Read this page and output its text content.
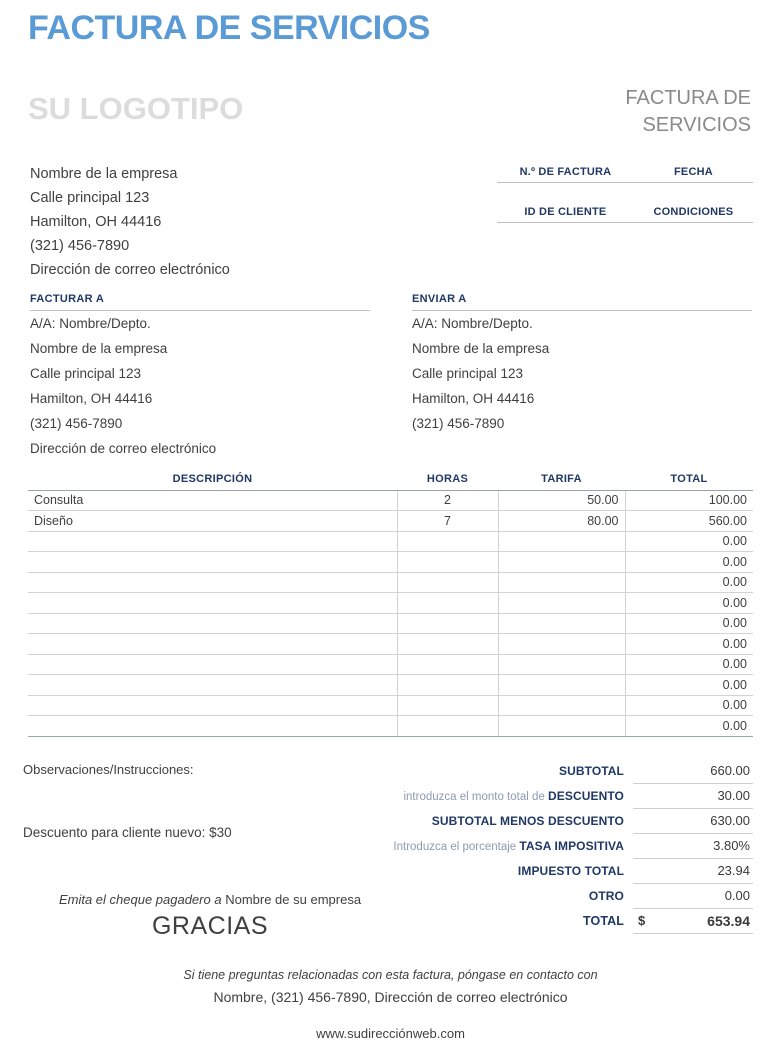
FACTURA DE SERVICIOS
SU LOGOTIPO	FACTURA DE
SERVICIOS
Nombre de la empresa
Calle principal 123
Hamilton, OH 44416
(321) 456-7890
Dirección de correo electrónico
N.º DE FACTURA	FECHA

ID DE CLIENTE	CONDICIONES
FACTURAR A
A/A: Nombre/Depto.
Nombre de la empresa
Calle principal 123
Hamilton, OH 44416
(321) 456-7890
Dirección de correo electrónico
ENVIAR A
A/A: Nombre/Depto.
Nombre de la empresa
Calle principal 123
Hamilton, OH 44416
(321) 456-7890
DESCRIPCIÓN	HORAS	TARIFA	TOTAL
Consulta	2	50.00	100.00
Diseño	7	80.00	560.00
			0.00
			0.00
			0.00
			0.00
			0.00
			0.00
			0.00
			0.00
			0.00
			0.00
Observaciones/Instrucciones:
Descuento para cliente nuevo: $30
SUBTOTAL		660.00
introduzca el monto total de DESCUENTO		30.00
SUBTOTAL MENOS DESCUENTO		630.00
Introduzca el porcentaje TASA IMPOSITIVA		3.80%
IMPUESTO TOTAL		23.94
OTRO		0.00
TOTAL	$	653.94
Emita el cheque pagadero a Nombre de su empresa
GRACIAS
Si tiene preguntas relacionadas con esta factura, póngase en contacto con
Nombre, (321) 456-7890, Dirección de correo electrónico
www.sudirecciónweb.com
